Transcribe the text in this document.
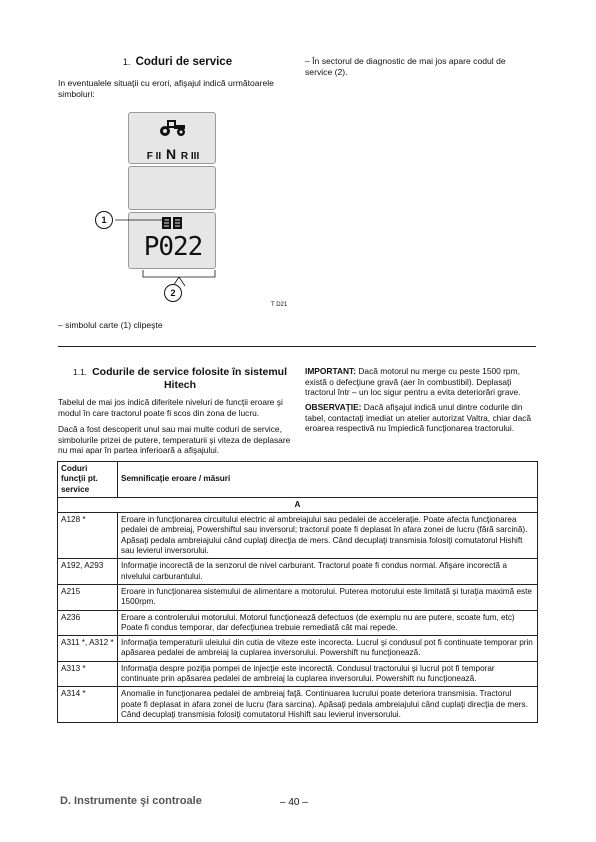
1. Coduri de service
In eventualele situaţii cu erori, afişajul indică următoarele simboluri:
– În sectorul de diagnostic de mai jos apare codul de service (2).
F II N R III
P022
1
2
T D21
– simbolul carte (1) clipeşte
1.1. Codurile de service folosite în sistemul Hitech
Tabelul de mai jos indică diferitele niveluri de funcţii eroare şi modul în care tractorul poate fi scos din zona de lucru.
Dacă a fost descoperit unul sau mai multe coduri de service, simbolurile prizei de putere, temperaturii şi viteza de deplasare nu mai apar în partea inferioară a afişajului.
IMPORTANT: Dacă motorul nu merge cu peste 1500 rpm, există o defecţiune gravă (aer în combustibil). Deplasaţi tractorul într – un loc sigur pentru a evita deteriorări grave.
OBSERVAŢIE: Dacă afişajul indică unul dintre codurile din tabel, contactaţi imediat un atelier autorizat Valtra, chiar dacă eroarea respectivă nu împiedică funcţionarea tractorului.
Coduri funcţii pt. service	Semnificaţie eroare / măsuri
A	
A128 *	Eroare in funcţionarea circuitului electric al ambreiajului sau pedalei de acceleraţie. Poate afecta funcţionarea pedalei de ambreiaj, Powershiftul sau inversorul; tractorul poate fi deplasat în afara zonei de lucru (fără sarcină). Apăsaţi pedala ambreiajului când cuplaţi direcţia de mers. Când decuplaţi transmisia folosiţi comutatorul Hishift sau levierul inversorului.
A192, A293	Informaţie incorectă de la senzorul de nivel carburant. Tractorul poate fi condus normal. Afişare incorectă a nivelului carburantului.
A215	Eroare in funcţionarea sistemului de alimentare a motorului. Puterea motorului este limitată şi turaţia maximă este 1500rpm.
A236	Eroare a controlerului motorului. Motorul funcţionează defectuos (de exemplu nu are putere, scoate fum, etc) Poate fi condus temporar, dar defecţiunea trebuie remediată cât mai repede.
A311 *, A312 *	Informaţia temperaturii uleiului din cutia de viteze este incorecta. Lucrul şi condusul pot fi continuate temporar prin apăsarea pedalei de ambreiaj la cuplarea inversorului. Powershift nu funcţionează.
A313 *	Informaţia despre poziţia pompei de injecţie este incorectă. Condusul tractorului şi lucrul pot fi temporar continuate prin apăsarea pedalei de ambreiaj la cuplarea inversorului. Powershift nu funcţionează.
A314 *	Anomalie in funcţionarea pedalei de ambreiaj faţă. Continuarea lucrului poate deteriora transmisia. Tractorul poate fi deplasat in afara zonei de lucru (fara sarcina). Apăsaţi pedala ambreiajului când cuplaţi direcţia de mers. Când decuplaţi transmisia folosiţi comutatorul Hishift sau levierul inversorului.
D. Instrumente şi controale	– 40 –
